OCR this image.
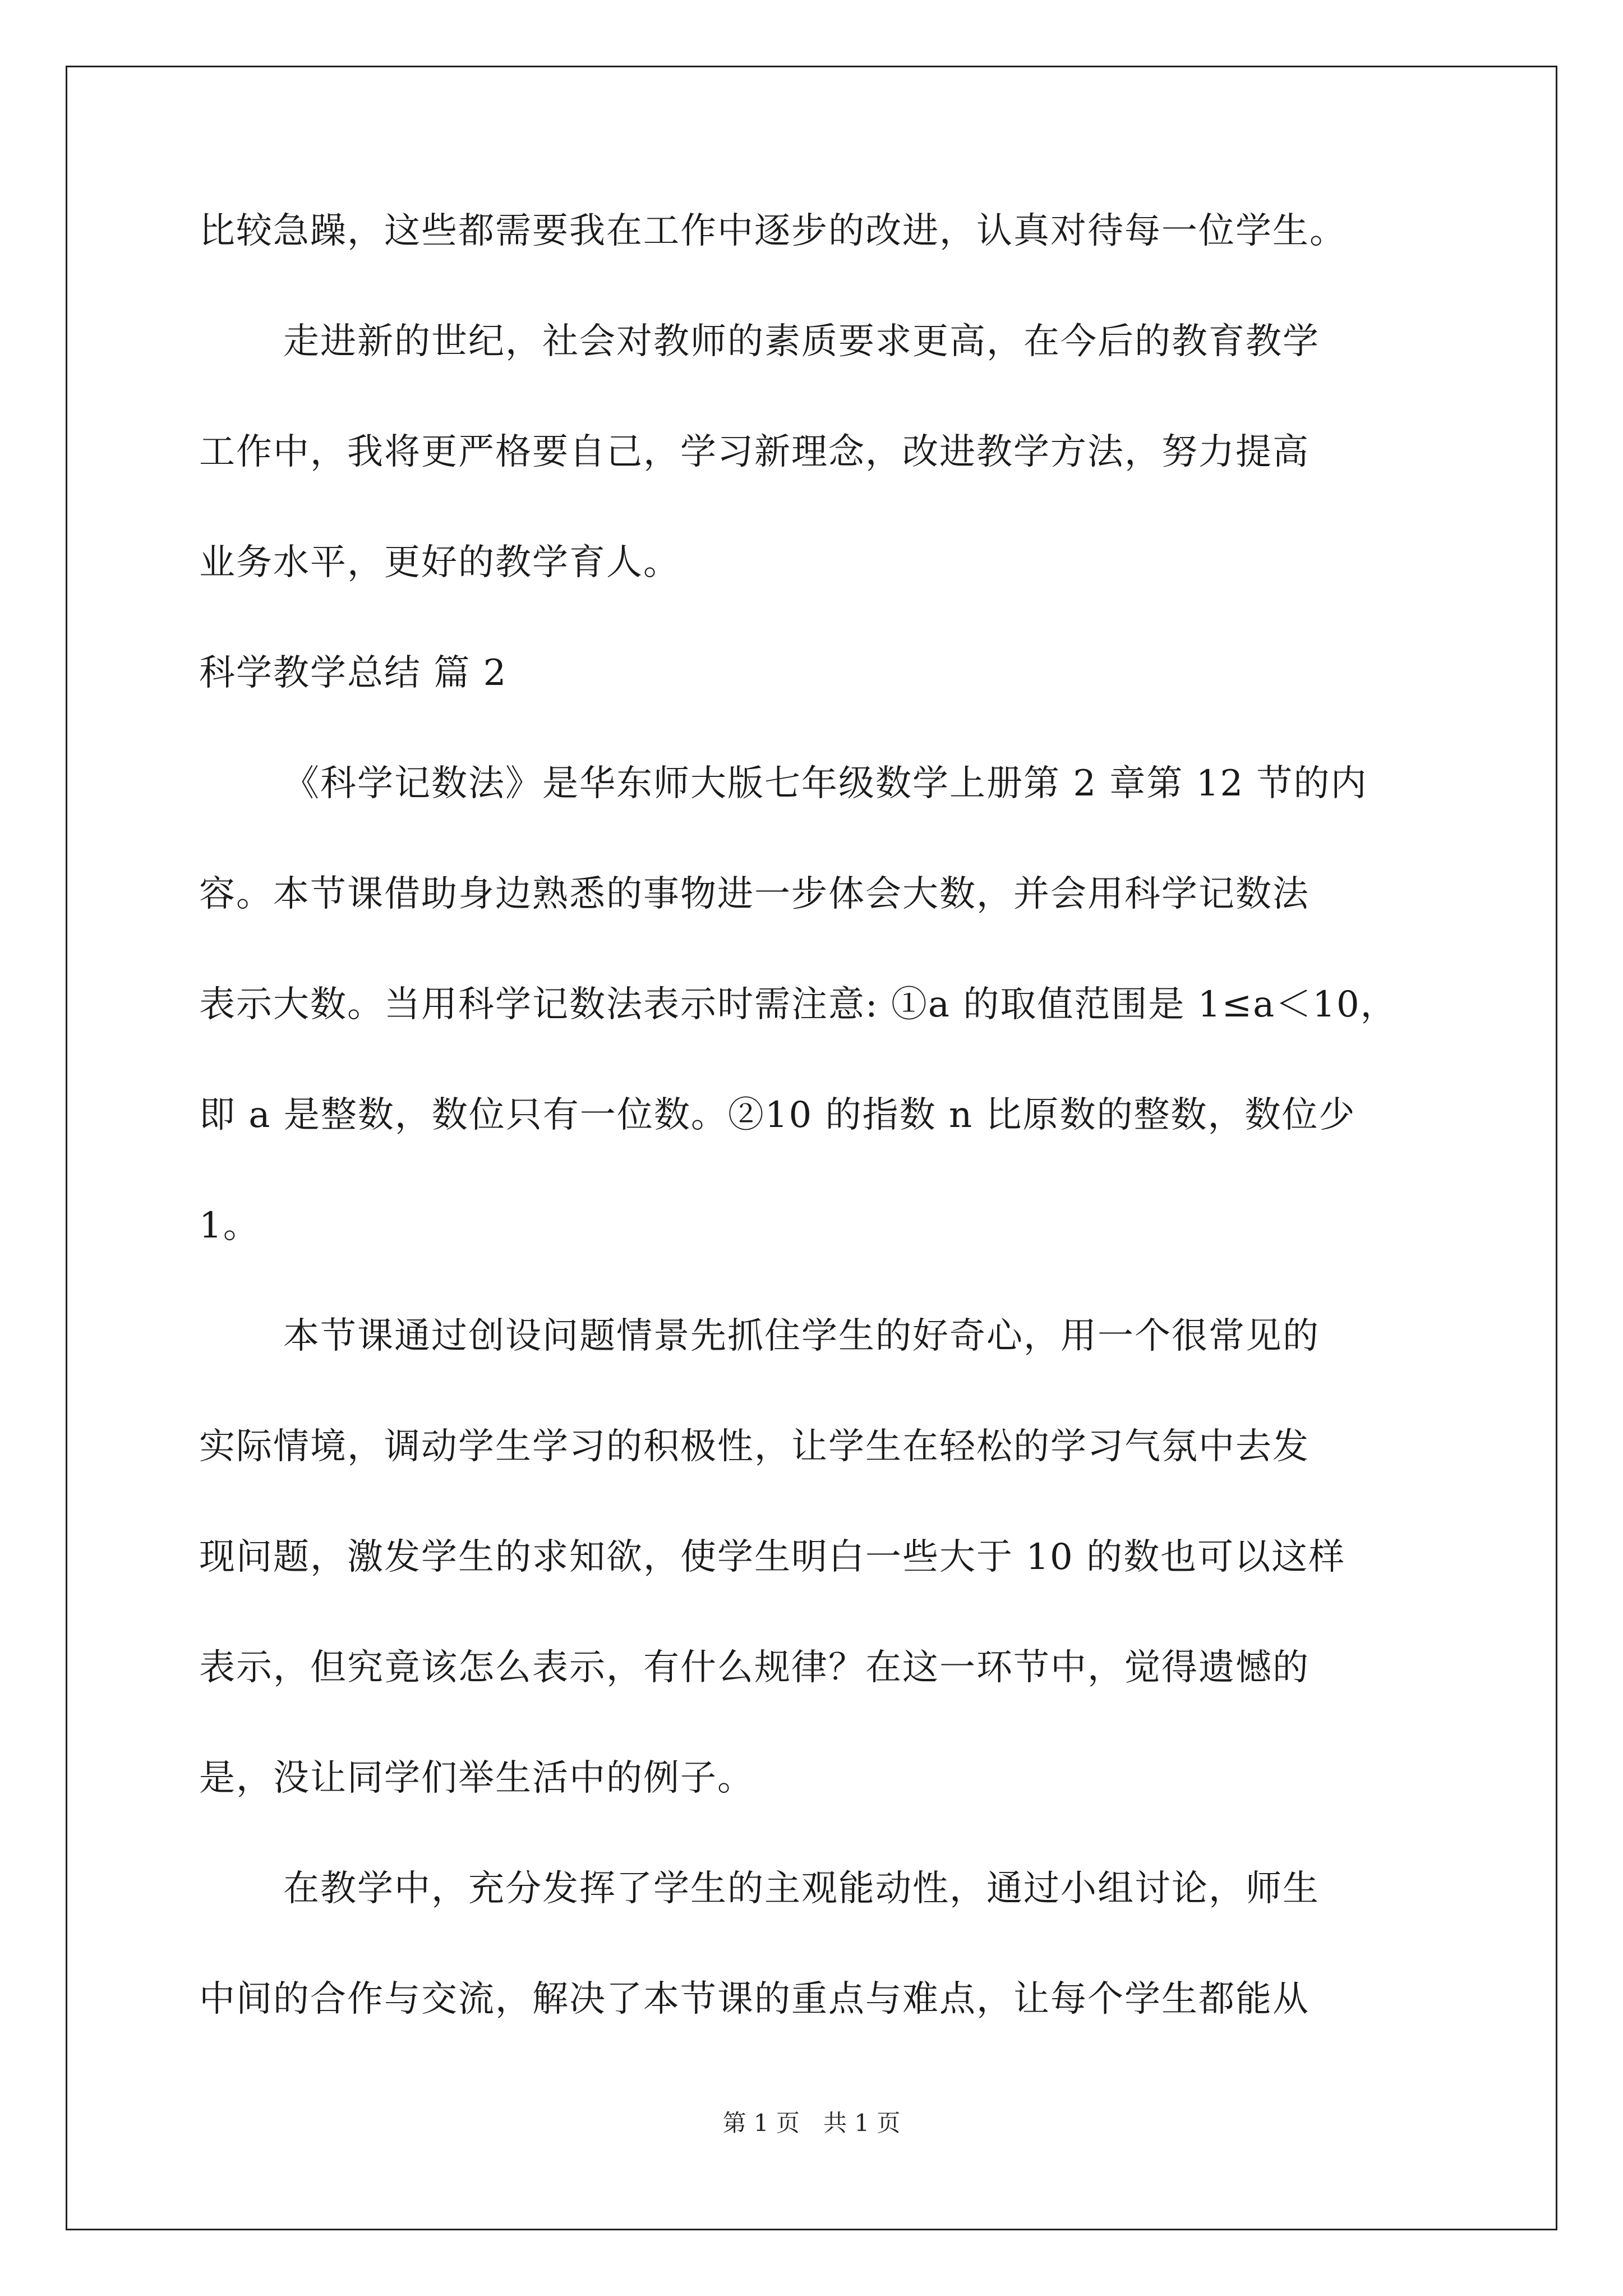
比较急躁，这些都需要我在工作中逐步的改进，认真对待每一位学生。

走进新的世纪，社会对教师的素质要求更高，在今后的教育教学

工作中，我将更严格要自己，学习新理念，改进教学方法，努力提高

业务水平，更好的教学育人。

科学教学总结 篇 2

《科学记数法》是华东师大版七年级数学上册第 2 章第 12 节的内

容。本节课借助身边熟悉的事物进一步体会大数，并会用科学记数法

表示大数。当用科学记数法表示时需注意: ①a 的取值范围是 1≤a＜10，

即 a 是整数，数位只有一位数。②10 的指数 n 比原数的整数，数位少

1。

本节课通过创设问题情景先抓住学生的好奇心，用一个很常见的

实际情境，调动学生学习的积极性，让学生在轻松的学习气氛中去发

现问题，激发学生的求知欲，使学生明白一些大于 10 的数也可以这样

表示，但究竟该怎么表示，有什么规律？在这一环节中，觉得遗憾的

是，没让同学们举生活中的例子。

在教学中，充分发挥了学生的主观能动性，通过小组讨论，师生

中间的合作与交流，解决了本节课的重点与难点，让每个学生都能从

第 1 页　共 1 页
